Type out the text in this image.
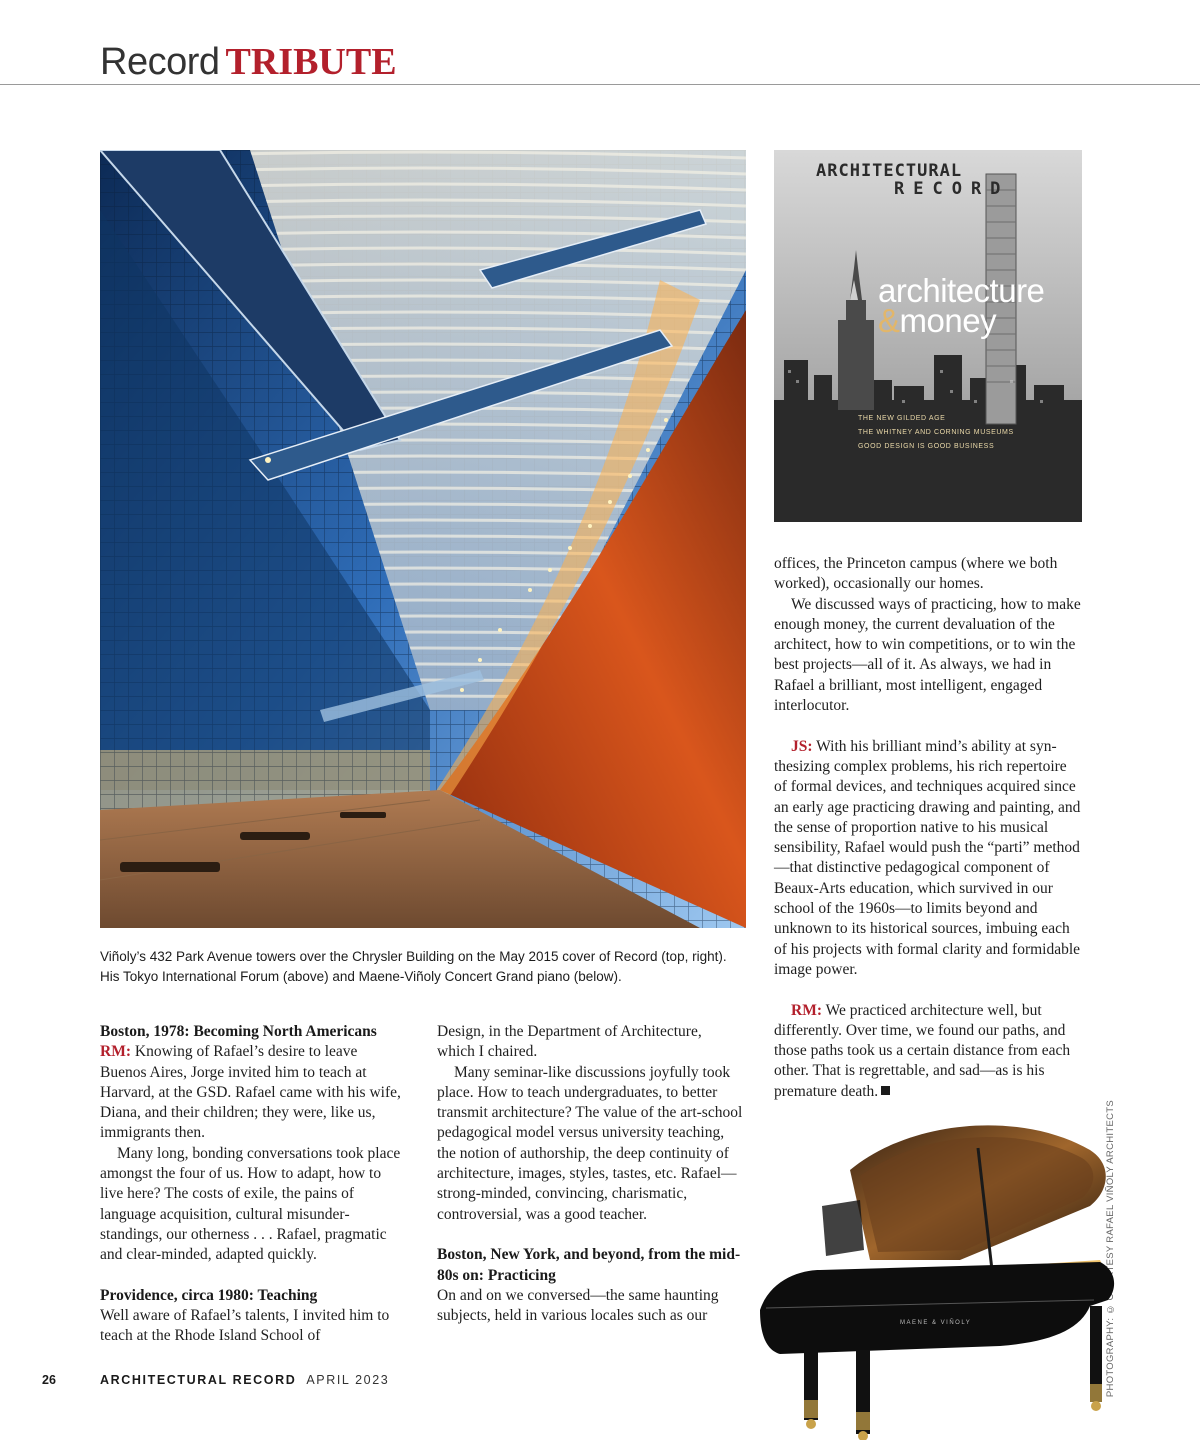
Record TRIBUTE
ARCHITECTURAL
RECORD
architecture
&money
THE NEW GILDED AGE
THE WHITNEY AND CORNING MUSEUMS
GOOD DESIGN IS GOOD BUSINESS
Viñoly’s 432 Park Avenue towers over the Chrysler Building on the May 2015 cover of Record (top, right). His Tokyo International Forum (above) and Maene-Viñoly Concert Grand piano (below).
Boston, 1978: Becoming North Americans

RM: Knowing of Rafael’s desire to leave Buenos Aires, Jorge invited him to teach at Harvard, at the GSD. Rafael came with his wife, Diana, and their children; they were, like us, immigrants then.

Many long, bonding conversations took place amongst the four of us. How to adapt, how to live here? The costs of exile, the pains of language acquisition, cultural misunderstandings, our otherness . . . Rafael, pragmatic and clear-minded, adapted quickly.

Providence, circa 1980: Teaching

Well aware of Rafael’s talents, I invited him to teach at the Rhode Island School of

Design, in the Department of Architecture, which I chaired.

Many seminar-like discussions joyfully took place. How to teach undergraduates, to better transmit architecture? The value of the art-school pedagogical model versus university teaching, the notion of authorship, the deep continuity of architecture, images, styles, tastes, etc. Rafael—strong-minded, convincing, charismatic, controversial, was a good teacher.

Boston, New York, and beyond, from the mid-80s on: Practicing

On and on we conversed—the same haunting subjects, held in various locales such as our

offices, the Princeton campus (where we both worked), occasionally our homes.

We discussed ways of practicing, how to make enough money, the current devaluation of the architect, how to win competitions, or to win the best projects—all of it. As always, we had in Rafael a brilliant, most intelligent, engaged interlocutor.

JS: With his brilliant mind’s ability at synthesizing complex problems, his rich repertoire of formal devices, and techniques acquired since an early age practicing drawing and painting, and the sense of proportion native to his musical sensibility, Rafael would push the “parti” method—that distinctive pedagogical component of Beaux-Arts education, which survived in our school of the 1960s—to limits beyond and unknown to its historical sources, imbuing each of his projects with formal clarity and formidable image power.

RM: We practiced architecture well, but differently. Over time, we found our paths, and those paths took us a certain distance from each other. That is regrettable, and sad—as is his premature death.

PHOTOGRAPHY: © COURTESY RAFAEL VIÑOLY ARCHITECTS
MAENE & VIÑOLY
26	ARCHITECTURAL RECORD APRIL 2023
